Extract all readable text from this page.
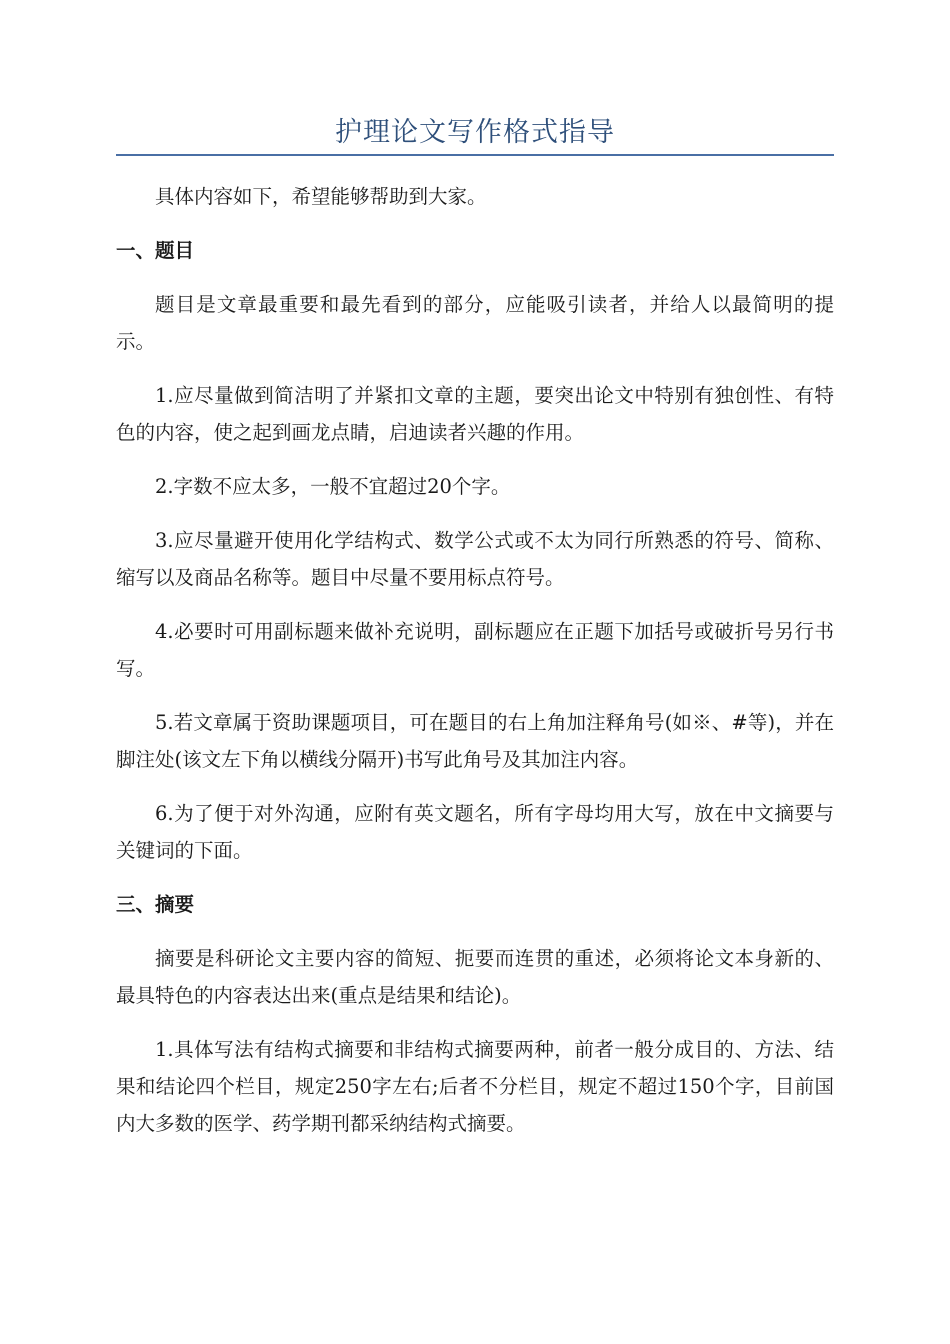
护理论文写作格式指导

具体内容如下，希望能够帮助到大家。

一、题目

题目是文章最重要和最先看到的部分，应能吸引读者，并给人以最简明的提示。

1.应尽量做到简洁明了并紧扣文章的主题，要突出论文中特别有独创性、有特色的内容，使之起到画龙点睛，启迪读者兴趣的作用。

2.字数不应太多，一般不宜超过20个字。

3.应尽量避开使用化学结构式、数学公式或不太为同行所熟悉的符号、简称、缩写以及商品名称等。题目中尽量不要用标点符号。

4.必要时可用副标题来做补充说明，副标题应在正题下加括号或破折号另行书写。

5.若文章属于资助课题项目，可在题目的右上角加注释角号(如※、#等)，并在脚注处(该文左下角以横线分隔开)书写此角号及其加注内容。

6.为了便于对外沟通，应附有英文题名，所有字母均用大写，放在中文摘要与关键词的下面。

三、摘要

摘要是科研论文主要内容的简短、扼要而连贯的重述，必须将论文本身新的、最具特色的内容表达出来(重点是结果和结论)。

1.具体写法有结构式摘要和非结构式摘要两种，前者一般分成目的、方法、结果和结论四个栏目，规定250字左右;后者不分栏目，规定不超过150个字，目前国内大多数的医学、药学期刊都采纳结构式摘要。
